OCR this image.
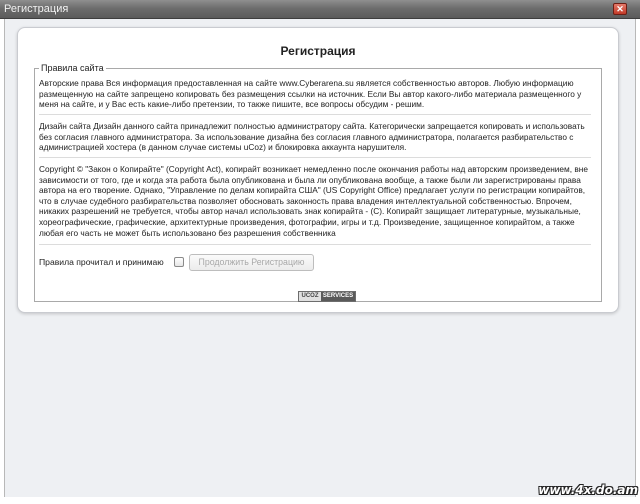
Регистрация	✕
Регистрация
Правила сайта

Авторские права Вся информация предоставленная на сайте www.Cyberarena.su является собственностью авторов. Любую информацию размещенную на сайте запрещено копировать без размещения ссылки на источник. Если Вы автор какого-либо материала размещенного у меня на сайте, и у Вас есть какие-либо претензии, то также пишите, все вопросы обсудим - решим.

Дизайн сайта Дизайн данного сайта принадлежит полностью администратору сайта. Категорически запрещается копировать и использовать без согласия главного администратора. За использование дизайна без согласия главного администратора, полагается разбирательство с администрацией хостера (в данном случае системы uCoz) и блокировка аккаунта нарушителя.

Copyright © "Закон о Копирайте" (Copyright Act), копирайт возникает немедленно после окончания работы над авторским произведением, вне зависимости от того, где и когда эта работа была опубликована и была ли опубликована вообще, а также были ли зарегистрированы права автора на его творение. Однако, "Управление по делам копирайта США" (US Copyright Office) предлагает услуги по регистрации копирайтов, что в случае судебного разбирательства позволяет обосновать законность права владения интеллектуальной собственностью. Впрочем, никаких разрешений не требуется, чтобы автор начал использовать знак копирайта - (С). Копирайт защищает литературные, музыкальные, хореографические, графические, архитектурные произведения, фотографии, игры и т.д. Произведение, защищенное копирайтом, а также любая его часть не может быть использовано без разрешения собственника

Правила прочитал и принимаю	Продолжить Регистрацию
UCOZ SERVICES
www.4x.do.am
